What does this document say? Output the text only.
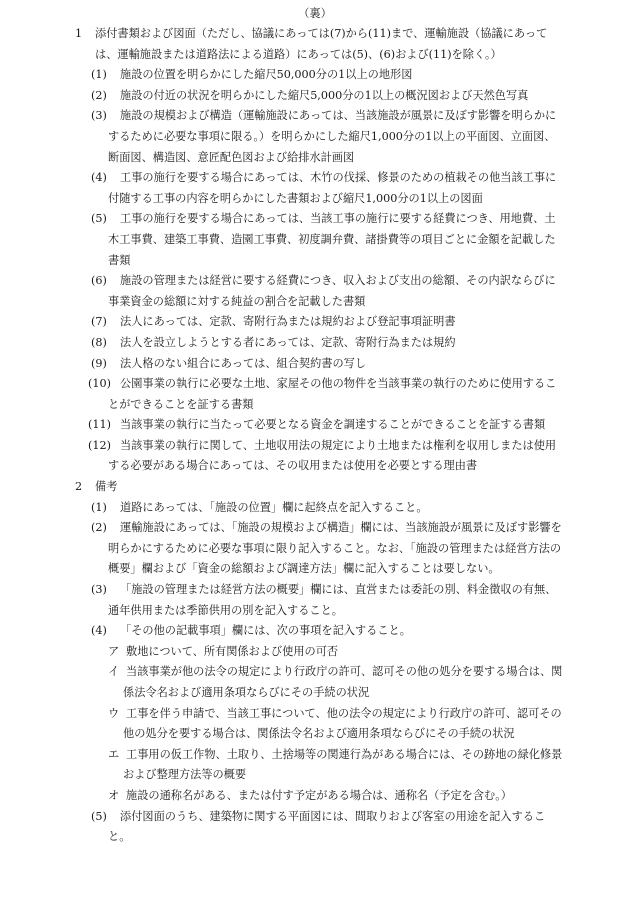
（裏）
1 添付書類および図面（ただし、協議にあっては(7)から(11)まで、運輸施設（協議にあっては、運輸施設または道路法による道路）にあっては(5)、(6)および(11)を除く。）
(1)	施設の位置を明らかにした縮尺50,000分の1以上の地形図
(2)	施設の付近の状況を明らかにした縮尺5,000分の1以上の概況図および天然色写真
(3)	施設の規模および構造（運輸施設にあっては、当該施設が風景に及ぼす影響を明らかにするために必要な事項に限る。）を明らかにした縮尺1,000分の1以上の平面図、立面図、断面図、構造図、意匠配色図および給排水計画図
(4)	工事の施行を要する場合にあっては、木竹の伐採、修景のための植栽その他当該工事に付随する工事の内容を明らかにした書類および縮尺1,000分の1以上の図面
(5)	工事の施行を要する場合にあっては、当該工事の施行に要する経費につき、用地費、土木工事費、建築工事費、造園工事費、初度調弁費、諸掛費等の項目ごとに金額を記載した書類
(6)	施設の管理または経営に要する経費につき、収入および支出の総額、その内訳ならびに事業資金の総額に対する純益の割合を記載した書類
(7)	法人にあっては、定款、寄附行為または規約および登記事項証明書
(8)	法人を設立しようとする者にあっては、定款、寄附行為または規約
(9)	法人格のない組合にあっては、組合契約書の写し
(10) 公園事業の執行に必要な土地、家屋その他の物件を当該事業の執行のために使用することができることを証する書類
(11) 当該事業の執行に当たって必要となる資金を調達することができることを証する書類
(12) 当該事業の執行に関して、土地収用法の規定により土地または権利を収用しまたは使用する必要がある場合にあっては、その収用または使用を必要とする理由書
2 備考
(1)	道路にあっては、「施設の位置」欄に起終点を記入すること。
(2)	運輸施設にあっては、「施設の規模および構造」欄には、当該施設が風景に及ぼす影響を明らかにするために必要な事項に限り記入すること。なお、「施設の管理または経営方法の概要」欄および「資金の総額および調達方法」欄に記入することは要しない。
(3)	「施設の管理または経営方法の概要」欄には、直営または委託の別、料金徴収の有無、通年供用または季節供用の別を記入すること。
(4)	「その他の記載事項」欄には、次の事項を記入すること。
ア 敷地について、所有関係および使用の可否
イ 当該事業が他の法令の規定により行政庁の許可、認可その他の処分を要する場合は、関係法令名および適用条項ならびにその手続の状況
ウ 工事を伴う申請で、当該工事について、他の法令の規定により行政庁の許可、認可その他の処分を要する場合は、関係法令名および適用条項ならびにその手続の状況
エ 工事用の仮工作物、土取り、土捨場等の関連行為がある場合には、その跡地の緑化修景および整理方法等の概要
オ 施設の通称名がある、または付す予定がある場合は、通称名（予定を含む。）
(5)	添付図面のうち、建築物に関する平面図には、間取りおよび客室の用途を記入すること。
